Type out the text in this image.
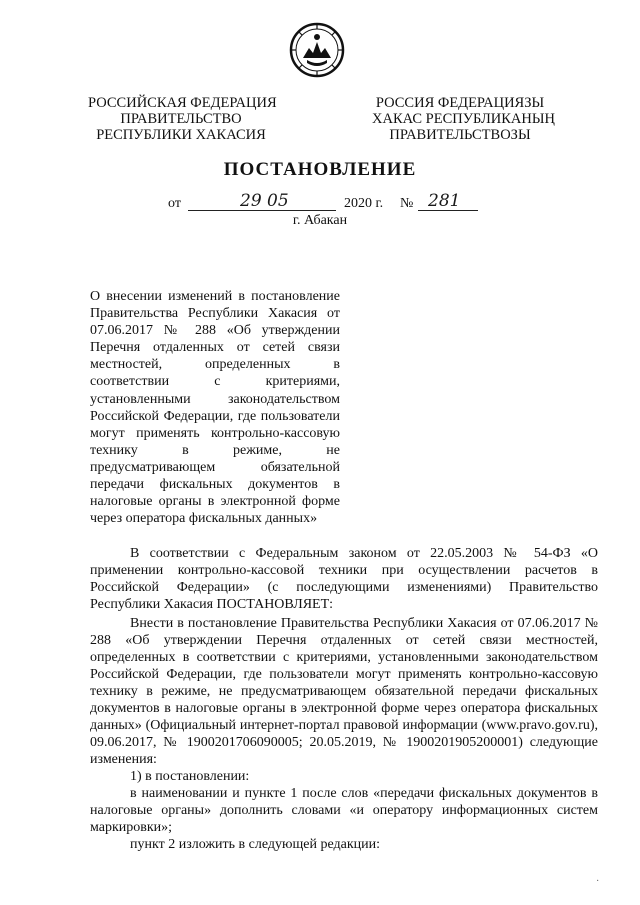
РОССИЙСКАЯ ФЕДЕРАЦИЯ
ПРАВИТЕЛЬСТВО
РЕСПУБЛИКИ ХАКАСИЯ
РОССИЯ ФЕДЕРАЦИЯЗЫ
ХАКАС РЕСПУБЛИКАНЫҢ
ПРАВИТЕЛЬСТВОЗЫ
ПОСТАНОВЛЕНИЕ
от	29 05	2020 г. № 281
г. Абакан
О внесении изменений в постановление Правительства Республики Хакасия от 07.06.2017 № 288 «Об утверждении Перечня отдаленных от сетей связи местностей, определенных в соответствии с критериями, установленными законодательством Российской Федерации, где пользователи могут применять контрольно-кассовую технику в режиме, не предусматривающем обязательной передачи фискальных документов в налоговые органы в электронной форме через оператора фискальных данных»

В соответствии с Федеральным законом от 22.05.2003 № 54-ФЗ «О применении контрольно-кассовой техники при осуществлении расчетов в Российской Федерации» (с последующими изменениями) Правительство Республики Хакасия ПОСТАНОВЛЯЕТ:

Внести в постановление Правительства Республики Хакасия от 07.06.2017 № 288 «Об утверждении Перечня отдаленных от сетей связи местностей, определенных в соответствии с критериями, установленными законодательством Российской Федерации, где пользователи могут применять контрольно-кассовую технику в режиме, не предусматривающем обязательной передачи фискальных документов в налоговые органы в электронной форме через оператора фискальных данных» (Официальный интернет-портал правовой информации (www.pravo.gov.ru), 09.06.2017, № 1900201706090005; 20.05.2019, № 1900201905200001) следующие изменения:

1) в постановлении:

в наименовании и пункте 1 после слов «передачи фискальных документов в налоговые органы» дополнить словами «и оператору информационных систем маркировки»;

пункт 2 изложить в следующей редакции:

·
